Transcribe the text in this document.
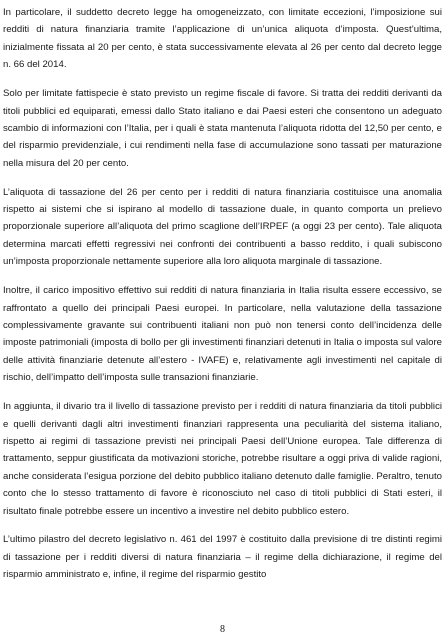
In particolare, il suddetto decreto legge ha omogeneizzato, con limitate eccezioni, l’imposizione sui redditi di natura finanziaria tramite l’applicazione di un’unica aliquota d’imposta. Quest’ultima, inizialmente fissata al 20 per cento, è stata successivamente elevata al 26 per cento dal decreto legge n. 66 del 2014.

Solo per limitate fattispecie è stato previsto un regime fiscale di favore. Si tratta dei redditi derivanti da titoli pubblici ed equiparati, emessi dallo Stato italiano e dai Paesi esteri che consentono un adeguato scambio di informazioni con l’Italia, per i quali è stata mantenuta l’aliquota ridotta del 12,50 per cento, e del risparmio previdenziale, i cui rendimenti nella fase di accumulazione sono tassati per maturazione nella misura del 20 per cento.

L’aliquota di tassazione del 26 per cento per i redditi di natura finanziaria costituisce una anomalia rispetto ai sistemi che si ispirano al modello di tassazione duale, in quanto comporta un prelievo proporzionale superiore all’aliquota del primo scaglione dell’IRPEF (a oggi 23 per cento). Tale aliquota determina marcati effetti regressivi nei confronti dei contribuenti a basso reddito, i quali subiscono un’imposta proporzionale nettamente superiore alla loro aliquota marginale di tassazione.

Inoltre, il carico impositivo effettivo sui redditi di natura finanziaria in Italia risulta essere eccessivo, se raffrontato a quello dei principali Paesi europei. In particolare, nella valutazione della tassazione complessivamente gravante sui contribuenti italiani non può non tenersi conto dell’incidenza delle imposte patrimoniali (imposta di bollo per gli investimenti finanziari detenuti in Italia o imposta sul valore delle attività finanziarie detenute all’estero - IVAFE) e, relativamente agli investimenti nel capitale di rischio, dell’impatto dell’imposta sulle transazioni finanziarie.

In aggiunta, il divario tra il livello di tassazione previsto per i redditi di natura finanziaria da titoli pubblici e quelli derivanti dagli altri investimenti finanziari rappresenta una peculiarità del sistema italiano, rispetto ai regimi di tassazione previsti nei principali Paesi dell’Unione europea. Tale differenza di trattamento, seppur giustificata da motivazioni storiche, potrebbe risultare a oggi priva di valide ragioni, anche considerata l’esigua porzione del debito pubblico italiano detenuto dalle famiglie. Peraltro, tenuto conto che lo stesso trattamento di favore è riconosciuto nel caso di titoli pubblici di Stati esteri, il risultato finale potrebbe essere un incentivo a investire nel debito pubblico estero.

L’ultimo pilastro del decreto legislativo n. 461 del 1997 è costituito dalla previsione di tre distinti regimi di tassazione per i redditi diversi di natura finanziaria – il regime della dichiarazione, il regime del risparmio amministrato e, infine, il regime del risparmio gestito

8
